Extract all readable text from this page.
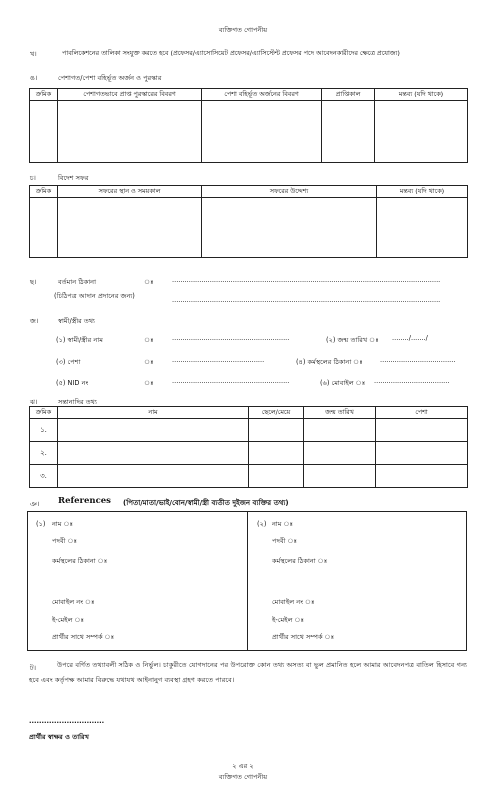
ব্যক্তিগত গোপনীয়
খ।	পাবলিকেশনের তালিকা সংযুক্ত করতে হবে (প্রফেসর/এ্যাসোসিয়েট প্রফেসর/এ্যাসিস্টেন্ট প্রফেসর পদে আবেদনকারীদের ক্ষেত্রে প্রযোজ্য)
ঙ।	পেশাগত/পেশা বহির্ভূত অর্জন ও পুরস্কার
ক্রমিক	পেশাগতভাবে প্রাপ্ত পুরস্কারের বিবরণ	পেশা বহির্ভূত অর্জনের বিবরণ	প্রাপ্তিকাল	মন্তব্য (যদি থাকে)

চ।	বিদেশ সফর
ক্রমিক	সফরের স্থান ও সময়কাল	সফরের উদ্দেশ্য	মন্তব্য (যদি থাকে)

ছ।	বর্তমান ঠিকানা	ঃ	................................................................................................................................
(চিঠিপত্র আদান প্রদানের জন্য)	................................................................................................................................
জ।	স্বামী/স্ত্রীর তথ্য
(১) স্বামী/স্ত্রীর নাম	ঃ	........................................................	(২) জন্ম তারিখ ঃ ......../......./
(৩) পেশা	ঃ	............................................	(৪) কর্মস্থলের ঠিকানা ঃ	....................................
(৫) NID নং	ঃ	........................................................	(৬) মোবাইল ঃ ....................................
ঝ।	সন্তানাদির তথ্য
ক্রমিক	নাম	ছেলে/মেয়ে	জন্ম তারিখ	পেশা
১.				
২.				
৩.				
ঞ। References (পিতা/মাতা/ভাই/বোন/স্বামী/স্ত্রী ব্যতীত দুইজন ব্যক্তির তথ্য)
(১) নাম ঃ
পদবী ঃ
কর্মস্থলের ঠিকানা ঃ
মোবাইল নং ঃ
ই-মেইল ঃ
প্রার্থীর সাথে সম্পর্ক ঃ
(২) নাম ঃ
পদবী ঃ
কর্মস্থলের ঠিকানা ঃ
মোবাইল নং ঃ
ই-মেইল ঃ
প্রার্থীর সাথে সম্পর্ক ঃ
ট।	উপরে বর্ণিত তথ্যাবলী সঠিক ও নির্ভুল। চাকুরীতে যোগদানের পর উপরোক্ত কোন তথ্য অসত্য বা ভুল প্রমানিত হলে আমার আবেদনপত্র বাতিল হিসাবে গন্য হবে এবং কর্তৃপক্ষ আমার বিরুদ্ধে যথাযথ আইনানুগ ব্যবস্থা গ্রহণ করতে পারবে।
..............................
প্রার্থীর স্বাক্ষর ও তারিখ
২ এর ২
ব্যক্তিগত গোপনীয়
